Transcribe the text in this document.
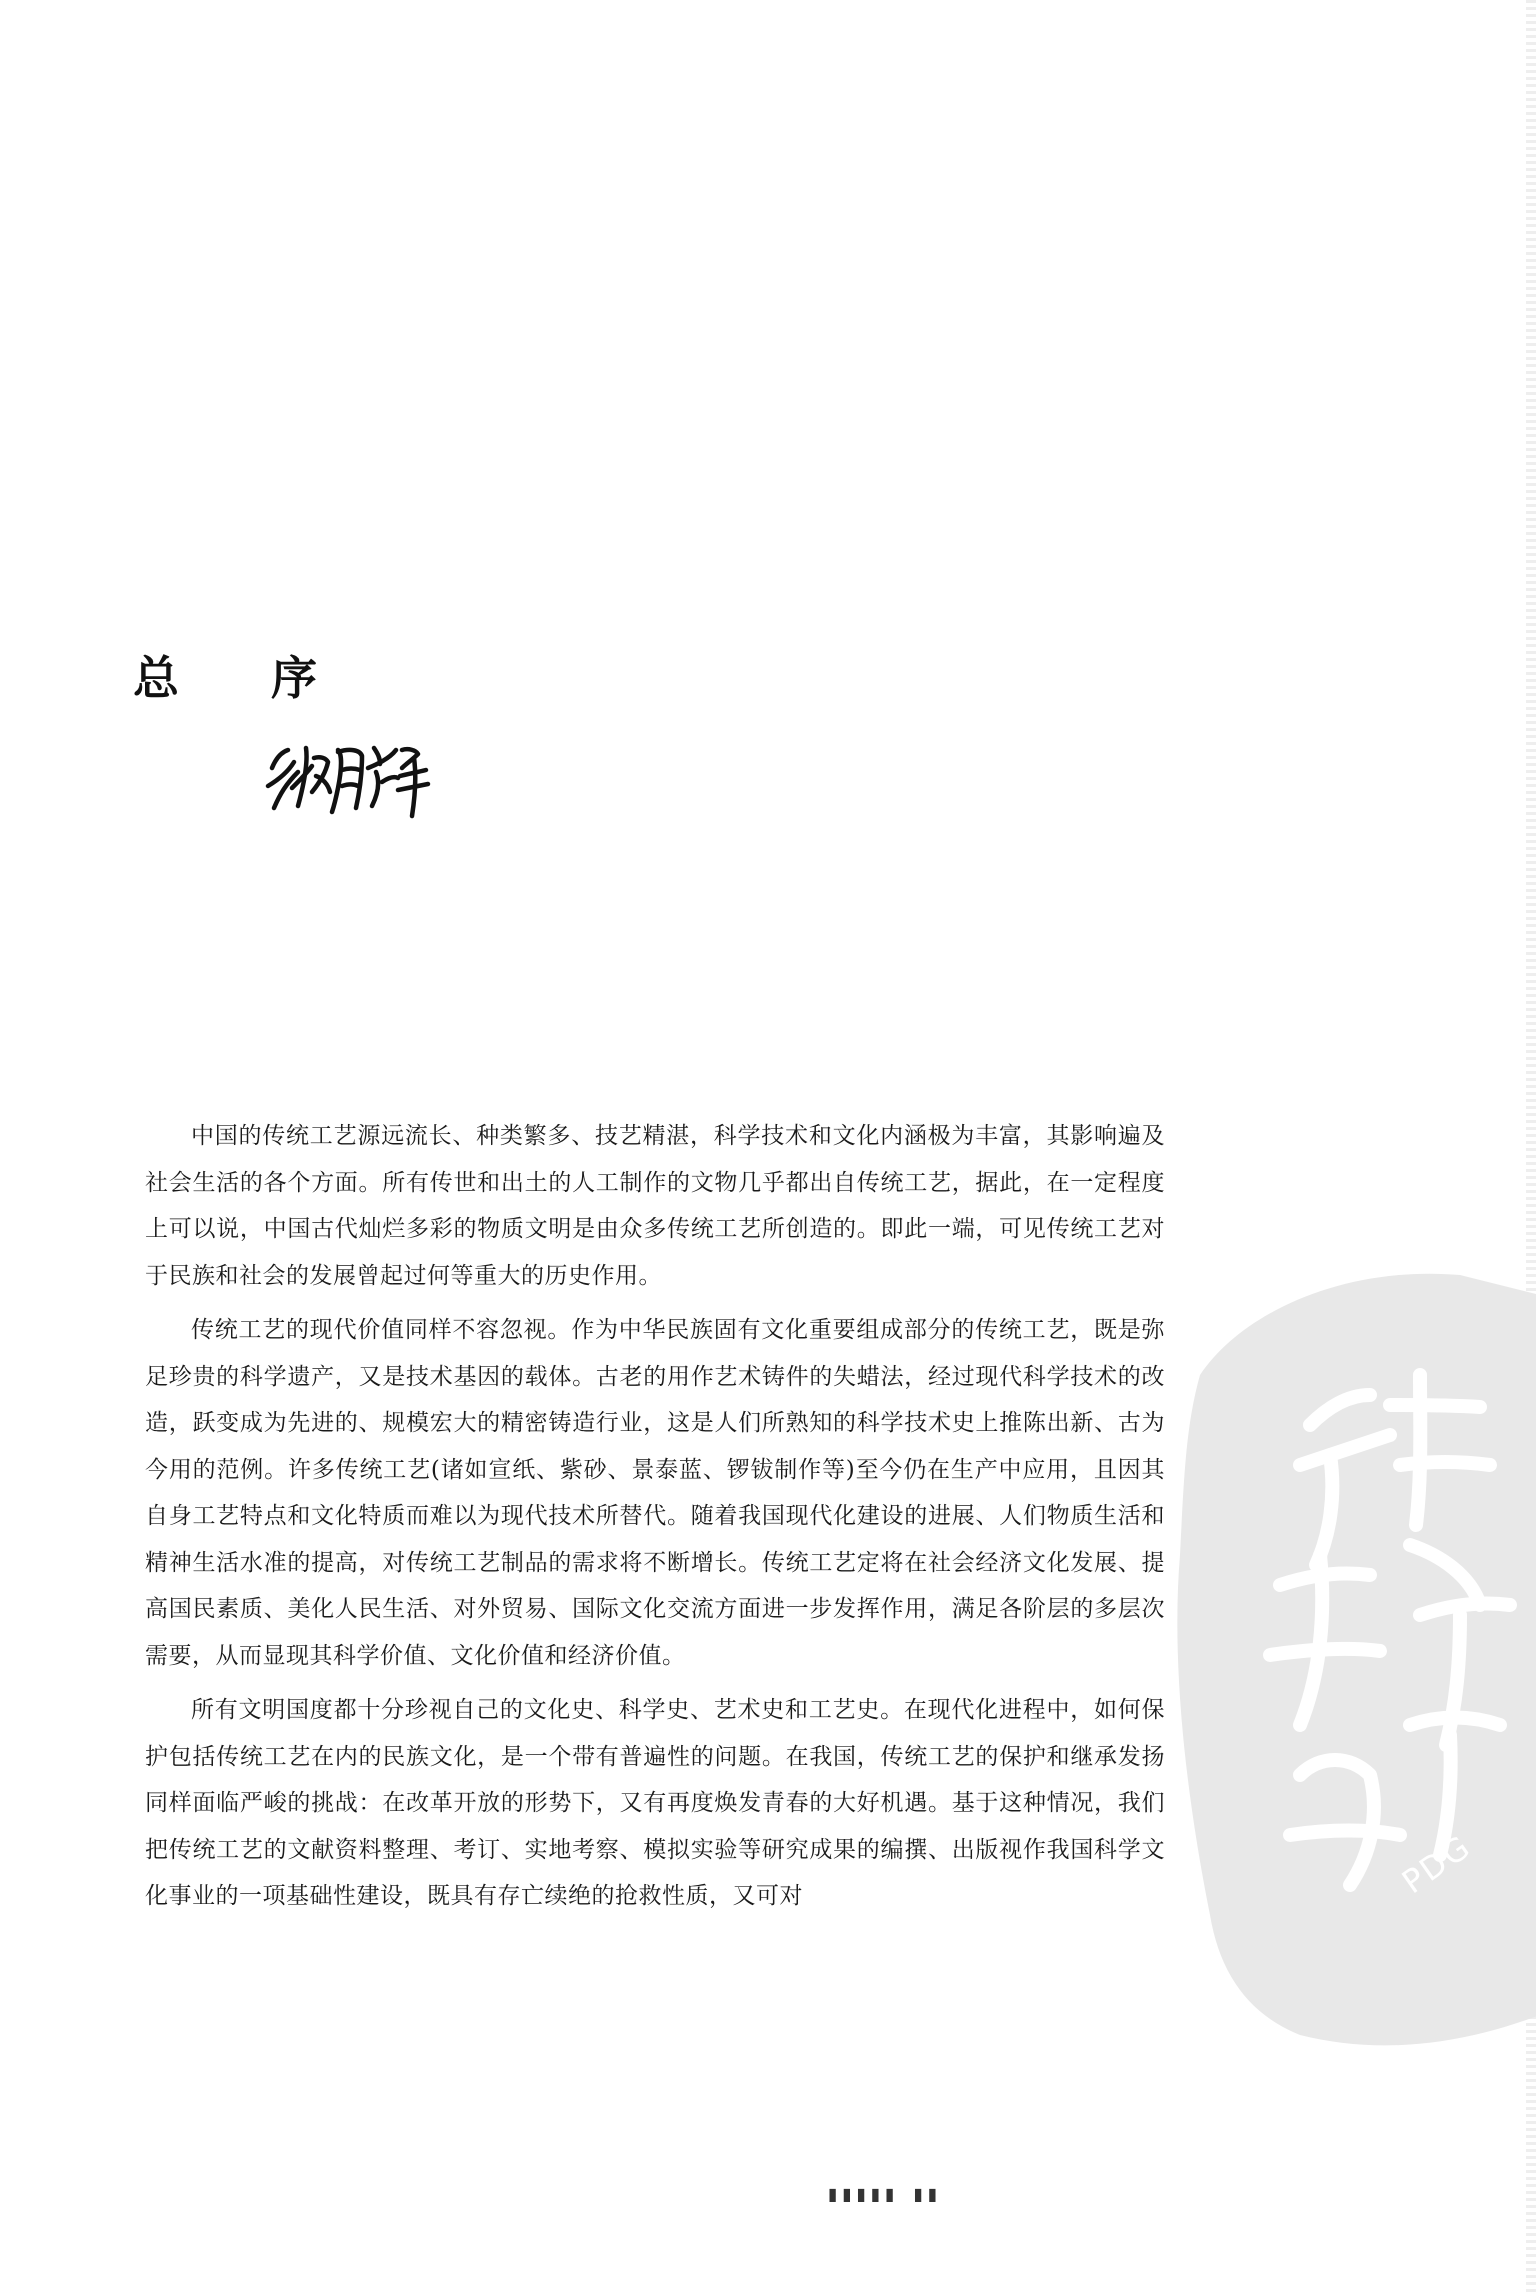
总 序

中国的传统工艺源远流长、种类繁多、技艺精湛，科学技术和文化内涵极为丰富，其影响遍及社会生活的各个方面。所有传世和出土的人工制作的文物几乎都出自传统工艺，据此，在一定程度上可以说，中国古代灿烂多彩的物质文明是由众多传统工艺所创造的。即此一端，可见传统工艺对于民族和社会的发展曾起过何等重大的历史作用。

传统工艺的现代价值同样不容忽视。作为中华民族固有文化重要组成部分的传统工艺，既是弥足珍贵的科学遗产，又是技术基因的载体。古老的用作艺术铸件的失蜡法，经过现代科学技术的改造，跃变成为先进的、规模宏大的精密铸造行业，这是人们所熟知的科学技术史上推陈出新、古为今用的范例。许多传统工艺(诸如宣纸、紫砂、景泰蓝、锣钹制作等)至今仍在生产中应用，且因其自身工艺特点和文化特质而难以为现代技术所替代。随着我国现代化建设的进展、人们物质生活和精神生活水准的提高，对传统工艺制品的需求将不断增长。传统工艺定将在社会经济文化发展、提高国民素质、美化人民生活、对外贸易、国际文化交流方面进一步发挥作用，满足各阶层的多层次需要，从而显现其科学价值、文化价值和经济价值。

所有文明国度都十分珍视自己的文化史、科学史、艺术史和工艺史。在现代化进程中，如何保护包括传统工艺在内的民族文化，是一个带有普遍性的问题。在我国，传统工艺的保护和继承发扬同样面临严峻的挑战：在改革开放的形势下，又有再度焕发青春的大好机遇。基于这种情况，我们把传统工艺的文献资料整理、考订、实地考察、模拟实验等研究成果的编撰、出版视作我国科学文化事业的一项基础性建设，既具有存亡续绝的抢救性质，又可对	PDG
▮▮▮▮▮ ▮▮
